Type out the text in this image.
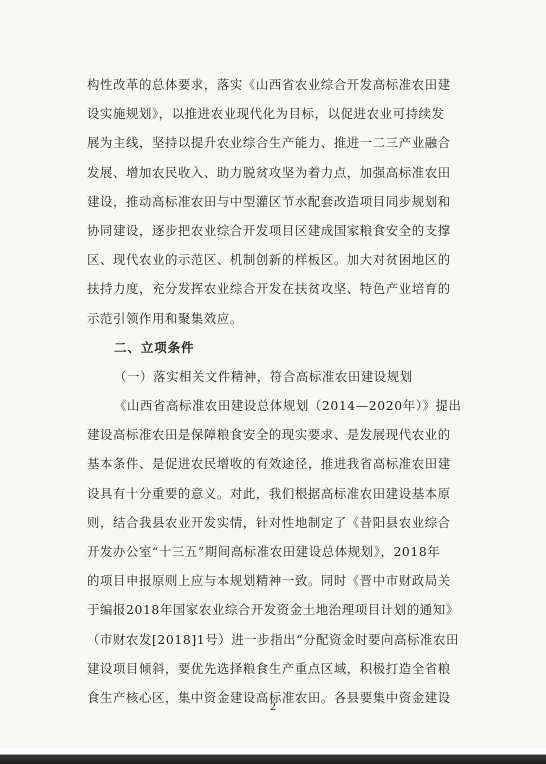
构性改革的总体要求，落实《山西省农业综合开发高标准农田建
设实施规划》，以推进农业现代化为目标，以促进农业可持续发
展为主线，坚持以提升农业综合生产能力、推进一二三产业融合
发展、增加农民收入、助力脱贫攻坚为着力点，加强高标准农田
建设，推动高标准农田与中型灌区节水配套改造项目同步规划和
协同建设，逐步把农业综合开发项目区建成国家粮食安全的支撑
区、现代农业的示范区、机制创新的样板区。加大对贫困地区的
扶持力度，充分发挥农业综合开发在扶贫攻坚、特色产业培育的
示范引领作用和聚集效应。
二、立项条件
（一）落实相关文件精神，符合高标准农田建设规划
《山西省高标准农田建设总体规划（2014—2020年）》提出
建设高标准农田是保障粮食安全的现实要求、是发展现代农业的
基本条件、是促进农民增收的有效途径，推进我省高标准农田建
设具有十分重要的意义。对此，我们根据高标准农田建设基本原
则，结合我县农业开发实情，针对性地制定了《昔阳县农业综合
开发办公室“十三五”期间高标准农田建设总体规划》，2018年
的项目申报原则上应与本规划精神一致。同时《晋中市财政局关
于编报2018年国家农业综合开发资金土地治理项目计划的通知》
（市财农发[2018]1号）进一步指出“分配资金时要向高标准农田
建设项目倾斜，要优先选择粮食生产重点区域，积极打造全省粮
食生产核心区，集中资金建设高标准农田。各县要集中资金建设
2
